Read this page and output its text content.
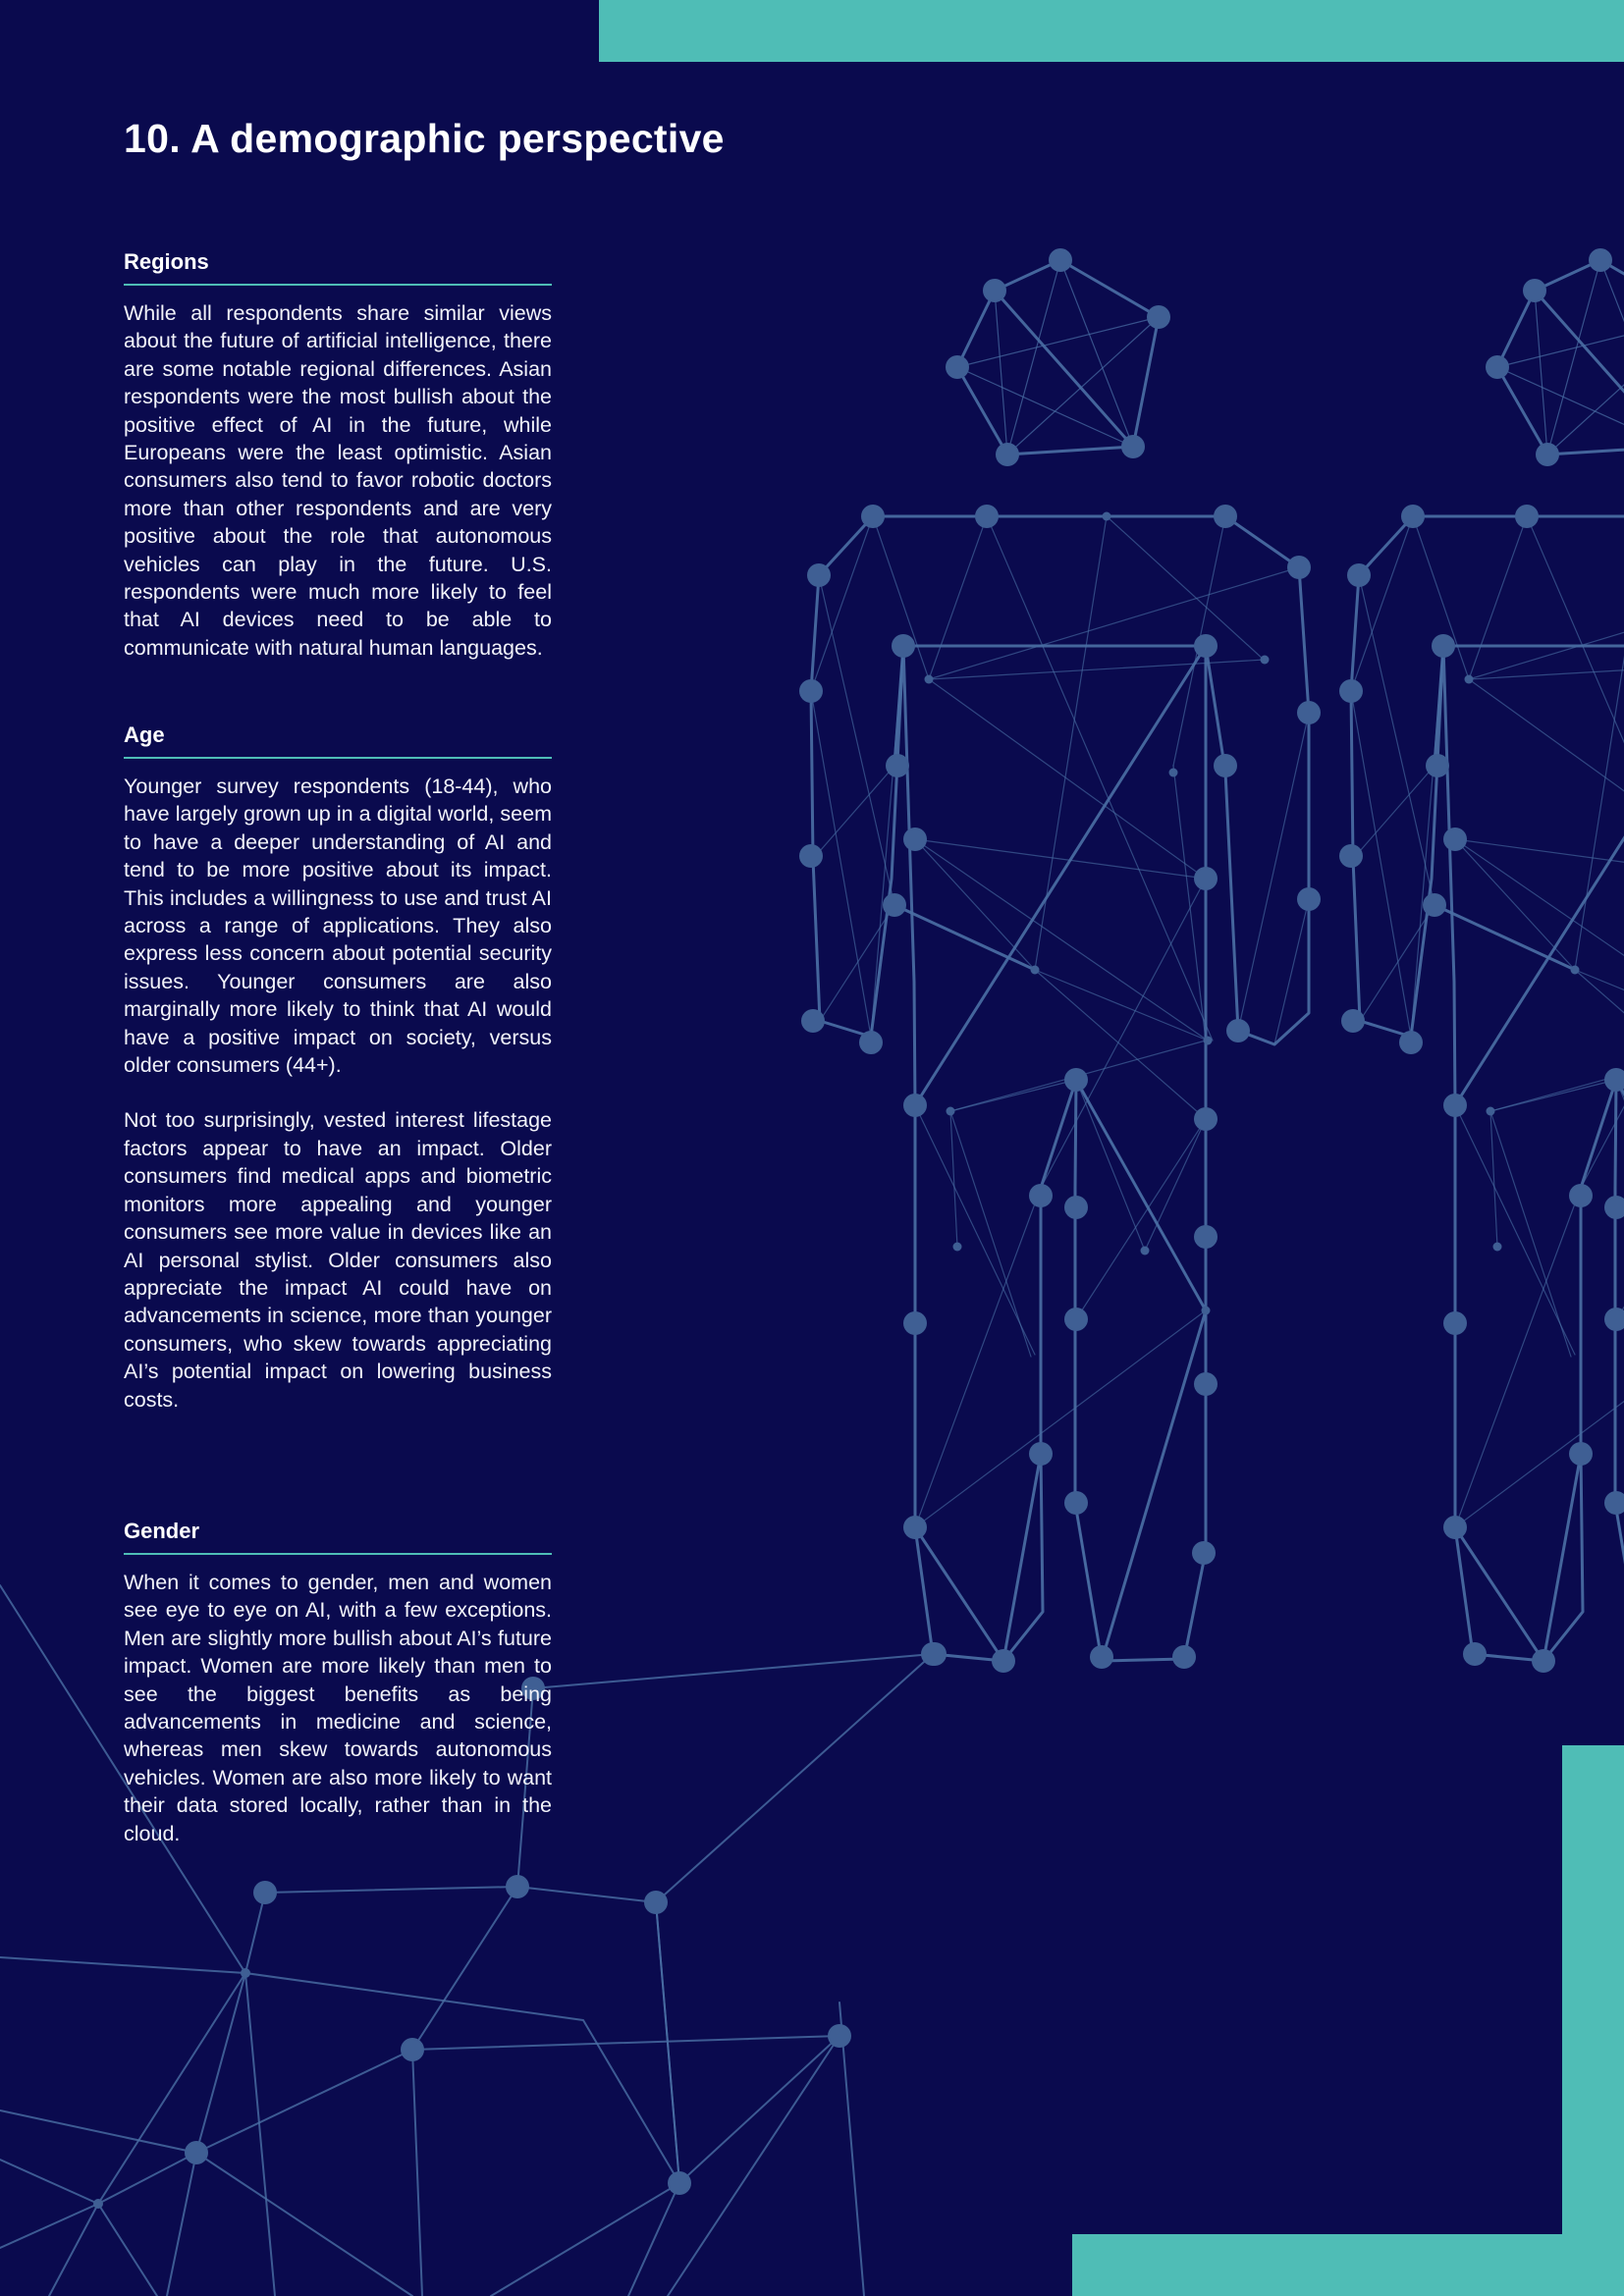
10. A demographic perspective
Regions

While all respondents share similar views about the future of artificial intelligence, there are some notable regional differences. Asian respondents were the most bullish about the positive effect of AI in the future, while Europeans were the least optimistic. Asian consumers also tend to favor robotic doctors more than other respondents and are very positive about the role that autonomous vehicles can play in the future. U.S. respondents were much more likely to feel that AI devices need to be able to communicate with natural human languages.

Age

Younger survey respondents (18-44), who have largely grown up in a digital world, seem to have a deeper understanding of AI and tend to be more positive about its impact. This includes a willingness to use and trust AI across a range of applications. They also express less concern about potential security issues. Younger consumers are also marginally more likely to think that AI would have a positive impact on society, versus older consumers (44+).

Not too surprisingly, vested interest lifestage factors appear to have an impact. Older consumers find medical apps and biometric monitors more appealing and younger consumers see more value in devices like an AI personal stylist. Older consumers also appreciate the impact AI could have on advancements in science, more than younger consumers, who skew towards appreciating AI’s potential impact on lowering business costs.

Gender

When it comes to gender, men and women see eye to eye on AI, with a few exceptions. Men are slightly more bullish about AI’s future impact. Women are more likely than men to see the biggest benefits as being advancements in medicine and science, whereas men skew towards autonomous vehicles. Women are also more likely to want their data stored locally, rather than in the cloud.
